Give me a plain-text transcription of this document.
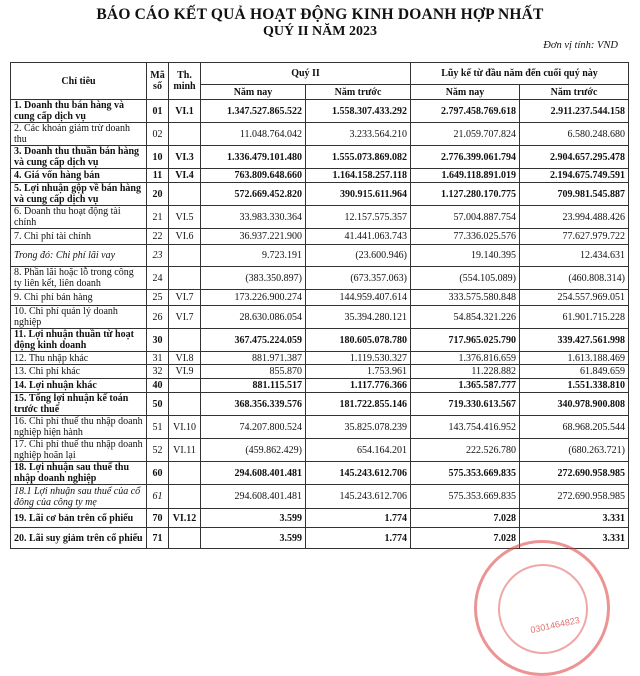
BÁO CÁO KẾT QUẢ HOẠT ĐỘNG KINH DOANH HỢP NHẤT
QUÝ II NĂM 2023
Đơn vị tính: VND
Chỉ tiêu	Mã số	Th. minh	Quý II		Lũy kế từ đầu năm đến cuối quý này	
			Năm nay	Năm trước	Năm nay	Năm trước
1. Doanh thu bán hàng và cung cấp dịch vụ	01	VI.1	1.347.527.865.522	1.558.307.433.292	2.797.458.769.618	2.911.237.544.158
2. Các khoản giảm trừ doanh thu	02		11.048.764.042	3.233.564.210	21.059.707.824	6.580.248.680
3. Doanh thu thuần bán hàng và cung cấp dịch vụ	10	VI.3	1.336.479.101.480	1.555.073.869.082	2.776.399.061.794	2.904.657.295.478
4. Giá vốn hàng bán	11	VI.4	763.809.648.660	1.164.158.257.118	1.649.118.891.019	2.194.675.749.591
5. Lợi nhuận gộp về bán hàng và cung cấp dịch vụ	20		572.669.452.820	390.915.611.964	1.127.280.170.775	709.981.545.887
6. Doanh thu hoạt động tài chính	21	VI.5	33.983.330.364	12.157.575.357	57.004.887.754	23.994.488.426
7. Chi phí tài chính	22	VI.6	36.937.221.900	41.441.063.743	77.336.025.576	77.627.979.722
Trong đó: Chi phí lãi vay	23		9.723.191	(23.600.946)	19.140.395	12.434.631
8. Phần lãi hoặc lỗ trong công ty liên kết, liên doanh	24		(383.350.897)	(673.357.063)	(554.105.089)	(460.808.314)
9. Chi phí bán hàng	25	VI.7	173.226.900.274	144.959.407.614	333.575.580.848	254.557.969.051
10. Chi phí quản lý doanh nghiệp	26	VI.7	28.630.086.054	35.394.280.121	54.854.321.226	61.901.715.228
11. Lợi nhuận thuần từ hoạt động kinh doanh	30		367.475.224.059	180.605.078.780	717.965.025.790	339.427.561.998
12. Thu nhập khác	31	VI.8	881.971.387	1.119.530.327	1.376.816.659	1.613.188.469
13. Chi phí khác	32	VI.9	855.870	1.753.961	11.228.882	61.849.659
14. Lợi nhuận khác	40		881.115.517	1.117.776.366	1.365.587.777	1.551.338.810
15. Tổng lợi nhuận kế toán trước thuế	50		368.356.339.576	181.722.855.146	719.330.613.567	340.978.900.808
16. Chi phí thuế thu nhập doanh nghiệp hiện hành	51	VI.10	74.207.800.524	35.825.078.239	143.754.416.952	68.968.205.544
17. Chi phí thuế thu nhập doanh nghiệp hoãn lại	52	VI.11	(459.862.429)	654.164.201	222.526.780	(680.263.721)
18. Lợi nhuận sau thuế thu nhập doanh nghiệp	60		294.608.401.481	145.243.612.706	575.353.669.835	272.690.958.985
18.1 Lợi nhuận sau thuế của cổ đông của công ty mẹ	61		294.608.401.481	145.243.612.706	575.353.669.835	272.690.958.985
19. Lãi cơ bản trên cổ phiếu	70	VI.12	3.599	1.774	7.028	3.331
20. Lãi suy giảm trên cổ phiếu	71		3.599	1.774	7.028	3.331
0301464823
